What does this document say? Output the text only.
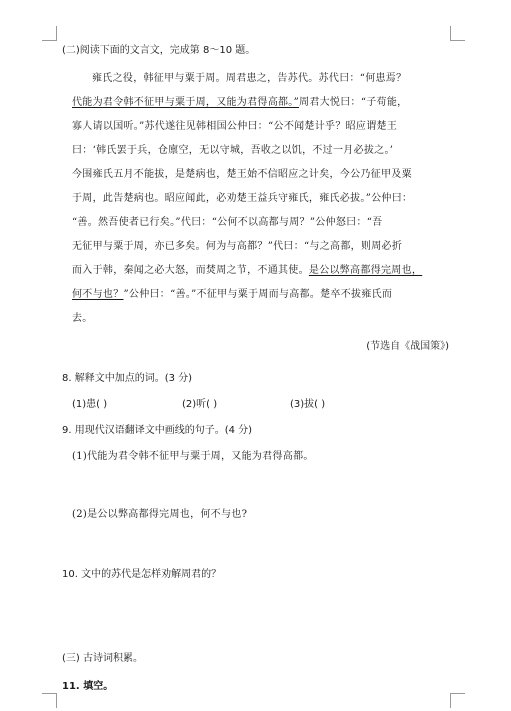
(二)阅读下面的文言文，完成第 8～10 题。
雍氏之役，韩征甲与粟于周。周君患之，告苏代。苏代曰：“何患焉？
代能为君令韩不征甲与粟于周，又能为君得高都。”周君大悦曰：“子苟能，
寡人请以国听。”苏代遂往见韩相国公仲曰：“公不闻楚计乎？昭应谓楚王
曰：‘韩氏罢于兵，仓廪空，无以守城，吾收之以饥，不过一月必拔之。’
今围雍氏五月不能拔，是楚病也，楚王始不信昭应之计矣，今公乃征甲及粟
于周，此告楚病也。昭应闻此，必劝楚王益兵守雍氏，雍氏必拔。”公仲曰：
“善。然吾使者已行矣。”代曰：“公何不以高都与周？”公仲怒曰：“吾
无征甲与粟于周，亦已多矣。何为与高都？”代曰：“与之高都，则周必折
而入于韩，秦闻之必大怒，而焚周之节，不通其使。是公以弊高都得完周也，
何不与也？”公仲曰：“善。”不征甲与粟于周而与高都。楚卒不拔雍氏而
去。
(节选自《战国策》)
8. 解释文中加点的词。(3 分)
(1)患( )	(2)听( )	(3)拔( )
9. 用现代汉语翻译文中画线的句子。(4 分)
(1)代能为君令韩不征甲与粟于周，又能为君得高都。
(2)是公以弊高都得完周也，何不与也?
10. 文中的苏代是怎样劝解周君的？
(三) 古诗词积累。
11. 填空。
